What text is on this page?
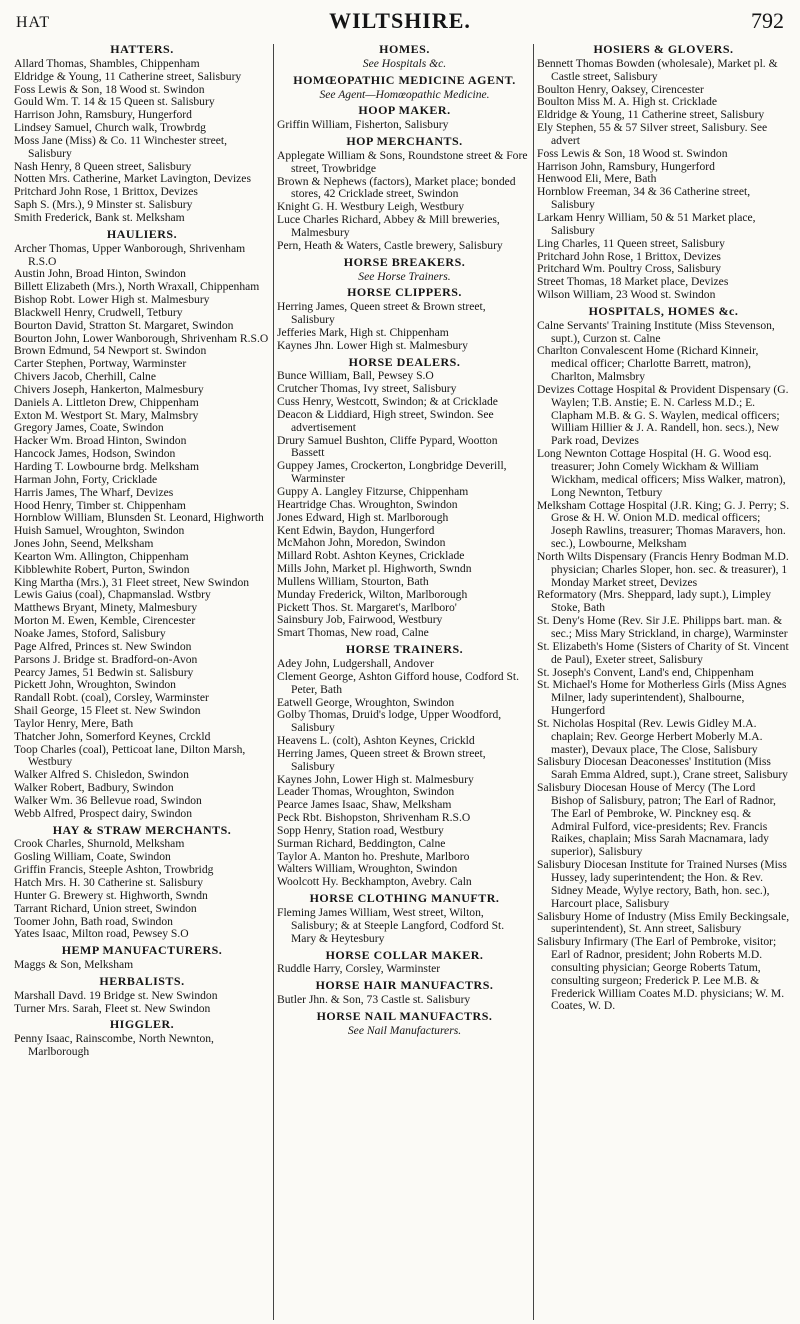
HAT	WILTSHIRE.	792
HATTERS.
Allard Thomas, Shambles, Chippenham
Eldridge & Young, 11 Catherine street, Salisbury
Foss Lewis & Son, 18 Wood st. Swindon
Gould Wm. T. 14 & 15 Queen st. Salisbury
Harrison John, Ramsbury, Hungerford
Lindsey Samuel, Church walk, Trowbrdg
Moss Jane (Miss) & Co. 11 Winchester street, Salisbury
Nash Henry, 8 Queen street, Salisbury
Notten Mrs. Catherine, Market Lavington, Devizes
Pritchard John Rose, 1 Brittox, Devizes
Saph S. (Mrs.), 9 Minster st. Salisbury
Smith Frederick, Bank st. Melksham
HAULIERS.
Archer Thomas, Upper Wanborough, Shrivenham R.S.O
Austin John, Broad Hinton, Swindon
Billett Elizabeth (Mrs.), North Wraxall, Chippenham
Bishop Robt. Lower High st. Malmesbury
Blackwell Henry, Crudwell, Tetbury
Bourton David, Stratton St. Margaret, Swindon
Bourton John, Lower Wanborough, Shrivenham R.S.O
Brown Edmund, 54 Newport st. Swindon
Carter Stephen, Portway, Warminster
Chivers Jacob, Cherhill, Calne
Chivers Joseph, Hankerton, Malmesbury
Daniels A. Littleton Drew, Chippenham
Exton M. Westport St. Mary, Malmsbry
Gregory James, Coate, Swindon
Hacker Wm. Broad Hinton, Swindon
Hancock James, Hodson, Swindon
Harding T. Lowbourne brdg. Melksham
Harman John, Forty, Cricklade
Harris James, The Wharf, Devizes
Hood Henry, Timber st. Chippenham
Hornblow William, Blunsden St. Leonard, Highworth
Huish Samuel, Wroughton, Swindon
Jones John, Seend, Melksham
Kearton Wm. Allington, Chippenham
Kibblewhite Robert, Purton, Swindon
King Martha (Mrs.), 31 Fleet street, New Swindon
Lewis Gaius (coal), Chapmanslad. Wstbry
Matthews Bryant, Minety, Malmesbury
Morton M. Ewen, Kemble, Cirencester
Noake James, Stoford, Salisbury
Page Alfred, Princes st. New Swindon
Parsons J. Bridge st. Bradford-on-Avon
Pearcy James, 51 Bedwin st. Salisbury
Pickett John, Wroughton, Swindon
Randall Robt. (coal), Corsley, Warminster
Shail George, 15 Fleet st. New Swindon
Taylor Henry, Mere, Bath
Thatcher John, Somerford Keynes, Crckld
Toop Charles (coal), Petticoat lane, Dilton Marsh, Westbury
Walker Alfred S. Chisledon, Swindon
Walker Robert, Badbury, Swindon
Walker Wm. 36 Bellevue road, Swindon
Webb Alfred, Prospect dairy, Swindon
HAY & STRAW MERCHANTS.
Crook Charles, Shurnold, Melksham
Gosling William, Coate, Swindon
Griffin Francis, Steeple Ashton, Trowbridg
Hatch Mrs. H. 30 Catherine st. Salisbury
Hunter G. Brewery st. Highworth, Swndn
Tarrant Richard, Union street, Swindon
Toomer John, Bath road, Swindon
Yates Isaac, Milton road, Pewsey S.O
HEMP MANUFACTURERS.
Maggs & Son, Melksham
HERBALISTS.
Marshall Davd. 19 Bridge st. New Swindon
Turner Mrs. Sarah, Fleet st. New Swindon
HIGGLER.
Penny Isaac, Rainscombe, North Newnton, Marlborough
HOMES.
See Hospitals &c.
HOMŒOPATHIC MEDICINE AGENT.
See Agent—Homœopathic Medicine.
HOOP MAKER.
Griffin William, Fisherton, Salisbury
HOP MERCHANTS.
Applegate William & Sons, Roundstone street & Fore street, Trowbridge
Brown & Nephews (factors), Market place; bonded stores, 42 Cricklade street, Swindon
Knight G. H. Westbury Leigh, Westbury
Luce Charles Richard, Abbey & Mill breweries, Malmesbury
Pern, Heath & Waters, Castle brewery, Salisbury
HORSE BREAKERS.
See Horse Trainers.
HORSE CLIPPERS.
Herring James, Queen street & Brown street, Salisbury
Jefferies Mark, High st. Chippenham
Kaynes Jhn. Lower High st. Malmesbury
HORSE DEALERS.
Bunce William, Ball, Pewsey S.O
Crutcher Thomas, Ivy street, Salisbury
Cuss Henry, Westcott, Swindon; & at Cricklade
Deacon & Liddiard, High street, Swindon. See advertisement
Drury Samuel Bushton, Cliffe Pypard, Wootton Bassett
Guppey James, Crockerton, Longbridge Deverill, Warminster
Guppy A. Langley Fitzurse, Chippenham
Heartridge Chas. Wroughton, Swindon
Jones Edward, High st. Marlborough
Kent Edwin, Baydon, Hungerford
McMahon John, Moredon, Swindon
Millard Robt. Ashton Keynes, Cricklade
Mills John, Market pl. Highworth, Swndn
Mullens William, Stourton, Bath
Munday Frederick, Wilton, Marlborough
Pickett Thos. St. Margaret's, Marlboro'
Sainsbury Job, Fairwood, Westbury
Smart Thomas, New road, Calne
HORSE TRAINERS.
Adey John, Ludgershall, Andover
Clement George, Ashton Gifford house, Codford St. Peter, Bath
Eatwell George, Wroughton, Swindon
Golby Thomas, Druid's lodge, Upper Woodford, Salisbury
Heavens L. (colt), Ashton Keynes, Crickld
Herring James, Queen street & Brown street, Salisbury
Kaynes John, Lower High st. Malmesbury
Leader Thomas, Wroughton, Swindon
Pearce James Isaac, Shaw, Melksham
Peck Rbt. Bishopston, Shrivenham R.S.O
Sopp Henry, Station road, Westbury
Surman Richard, Beddington, Calne
Taylor A. Manton ho. Preshute, Marlboro
Walters William, Wroughton, Swindon
Woolcott Hy. Beckhampton, Avebry. Caln
HORSE CLOTHING MANUFTR.
Fleming James William, West street, Wilton, Salisbury; & at Steeple Langford, Codford St. Mary & Heytesbury
HORSE COLLAR MAKER.
Ruddle Harry, Corsley, Warminster
HORSE HAIR MANUFACTRS.
Butler Jhn. & Son, 73 Castle st. Salisbury
HORSE NAIL MANUFACTRS.
See Nail Manufacturers.
HOSIERS & GLOVERS.
Bennett Thomas Bowden (wholesale), Market pl. & Castle street, Salisbury
Boulton Henry, Oaksey, Cirencester
Boulton Miss M. A. High st. Cricklade
Eldridge & Young, 11 Catherine street, Salisbury
Ely Stephen, 55 & 57 Silver street, Salisbury. See advert
Foss Lewis & Son, 18 Wood st. Swindon
Harrison John, Ramsbury, Hungerford
Henwood Eli, Mere, Bath
Hornblow Freeman, 34 & 36 Catherine street, Salisbury
Larkam Henry William, 50 & 51 Market place, Salisbury
Ling Charles, 11 Queen street, Salisbury
Pritchard John Rose, 1 Brittox, Devizes
Pritchard Wm. Poultry Cross, Salisbury
Street Thomas, 18 Market place, Devizes
Wilson William, 23 Wood st. Swindon
HOSPITALS, HOMES &c.
Calne Servants' Training Institute (Miss Stevenson, supt.), Curzon st. Calne
Charlton Convalescent Home (Richard Kinneir, medical officer; Charlotte Barrett, matron), Charlton, Malmsbry
Devizes Cottage Hospital & Provident Dispensary (G. Waylen; T.B. Anstie; E. N. Carless M.D.; E. Clapham M.B. & G. S. Waylen, medical officers; William Hillier & J. A. Randell, hon. secs.), New Park road, Devizes
Long Newnton Cottage Hospital (H. G. Wood esq. treasurer; John Comely Wickham & William Wickham, medical officers; Miss Walker, matron), Long Newnton, Tetbury
Melksham Cottage Hospital (J.R. King; G. J. Perry; S. Grose & H. W. Onion M.D. medical officers; Joseph Rawlins, treasurer; Thomas Maravers, hon. sec.), Lowbourne, Melksham
North Wilts Dispensary (Francis Henry Bodman M.D. physician; Charles Sloper, hon. sec. & treasurer), 1 Monday Market street, Devizes
Reformatory (Mrs. Sheppard, lady supt.), Limpley Stoke, Bath
St. Deny's Home (Rev. Sir J.E. Philipps bart. man. & sec.; Miss Mary Strickland, in charge), Warminster
St. Elizabeth's Home (Sisters of Charity of St. Vincent de Paul), Exeter street, Salisbury
St. Joseph's Convent, Land's end, Chippenham
St. Michael's Home for Motherless Girls (Miss Agnes Milner, lady superintendent), Shalbourne, Hungerford
St. Nicholas Hospital (Rev. Lewis Gidley M.A. chaplain; Rev. George Herbert Moberly M.A. master), Devaux place, The Close, Salisbury
Salisbury Diocesan Deaconesses' Institution (Miss Sarah Emma Aldred, supt.), Crane street, Salisbury
Salisbury Diocesan House of Mercy (The Lord Bishop of Salisbury, patron; The Earl of Radnor, The Earl of Pembroke, W. Pinckney esq. & Admiral Fulford, vice-presidents; Rev. Francis Raikes, chaplain; Miss Sarah Macnamara, lady superior), Salisbury
Salisbury Diocesan Institute for Trained Nurses (Miss Hussey, lady superintendent; the Hon. & Rev. Sidney Meade, Wylye rectory, Bath, hon. sec.), Harcourt place, Salisbury
Salisbury Home of Industry (Miss Emily Beckingsale, superintendent), St. Ann street, Salisbury
Salisbury Infirmary (The Earl of Pembroke, visitor; Earl of Radnor, president; John Roberts M.D. consulting physician; George Roberts Tatum, consulting surgeon; Frederick P. Lee M.B. & Frederick William Coates M.D. physicians; W. M. Coates, W. D.
